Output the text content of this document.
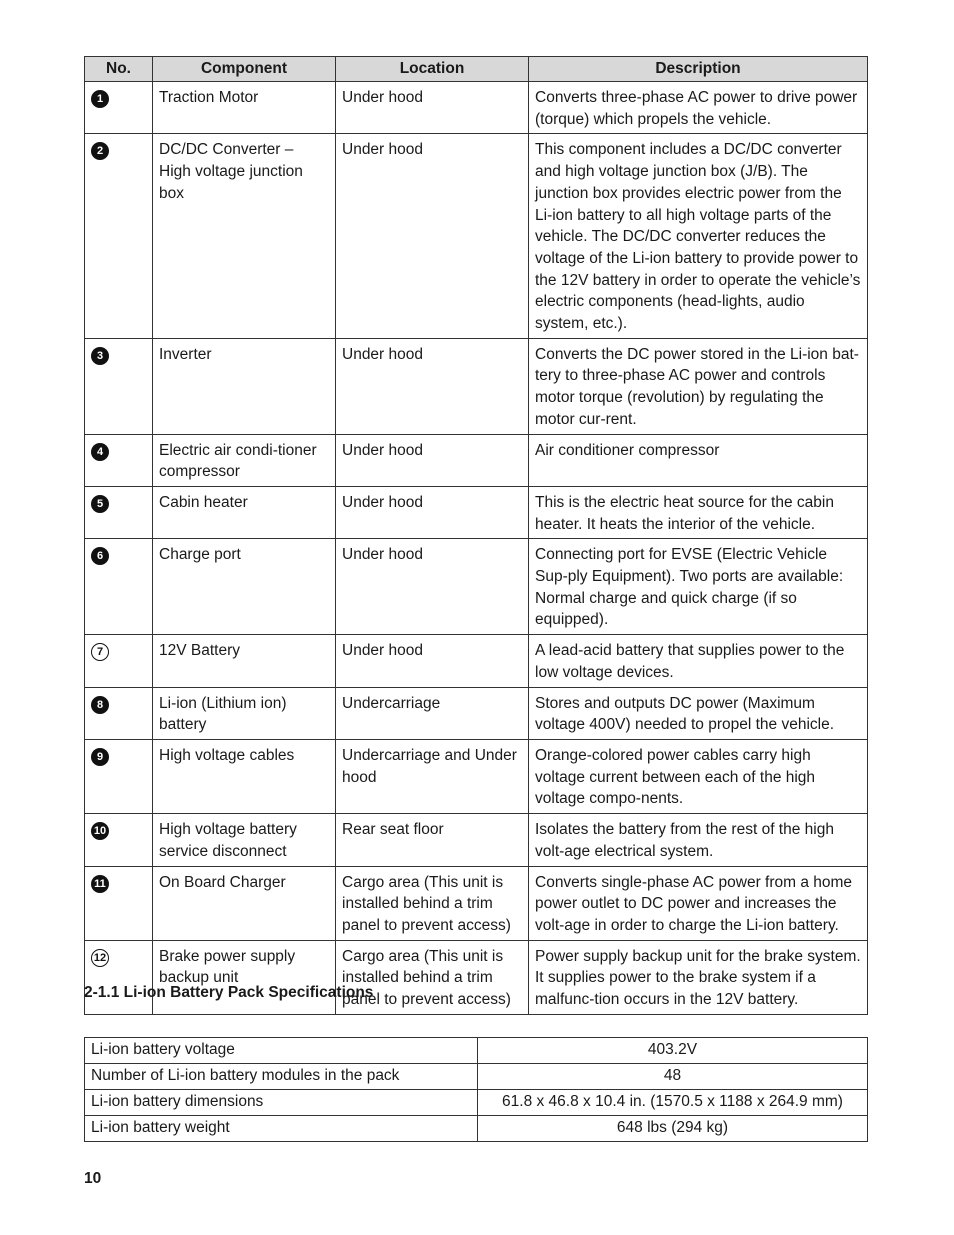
No.	Component	Location	Description
1	Traction Motor	Under hood	Converts three-phase AC power to drive power (torque) which propels the vehicle.
2	DC/DC Converter – High voltage junction box	Under hood	This component includes a DC/DC converter and high voltage junction box (J/B). The junction box provides electric power from the Li-ion battery to all high voltage parts of the vehicle. The DC/DC converter reduces the voltage of the Li-ion battery to provide power to the 12V battery in order to operate the vehicle’s electric components (head-lights, audio system, etc.).
3	Inverter	Under hood	Converts the DC power stored in the Li-ion bat-tery to three-phase AC power and controls motor torque (revolution) by regulating the motor cur-rent.
4	Electric air condi-tioner compressor	Under hood	Air conditioner compressor
5	Cabin heater	Under hood	This is the electric heat source for the cabin heater. It heats the interior of the vehicle.
6	Charge port	Under hood	Connecting port for EVSE (Electric Vehicle Sup-ply Equipment). Two ports are available: Normal charge and quick charge (if so equipped).
7	12V Battery	Under hood	A lead-acid battery that supplies power to the low voltage devices.
8	Li-ion (Lithium ion) battery	Undercarriage	Stores and outputs DC power (Maximum voltage 400V) needed to propel the vehicle.
9	High voltage cables	Undercarriage and Under hood	Orange-colored power cables carry high voltage current between each of the high voltage compo-nents.
10	High voltage battery service disconnect	Rear seat floor	Isolates the battery from the rest of the high volt-age electrical system.
11	On Board Charger	Cargo area (This unit is installed behind a trim panel to prevent access)	Converts single-phase AC power from a home power outlet to DC power and increases the volt-age in order to charge the Li-ion battery.
12	Brake power supply backup unit	Cargo area (This unit is installed behind a trim panel to prevent access)	Power supply backup unit for the brake system. It supplies power to the brake system if a malfunc-tion occurs in the 12V battery.
2-1.1 Li-ion Battery Pack Specifications
Li-ion battery voltage	403.2V
Number of Li-ion battery modules in the pack	48
Li-ion battery dimensions	61.8 x 46.8 x 10.4 in. (1570.5 x 1188 x 264.9 mm)
Li-ion battery weight	648 lbs (294 kg)
10
